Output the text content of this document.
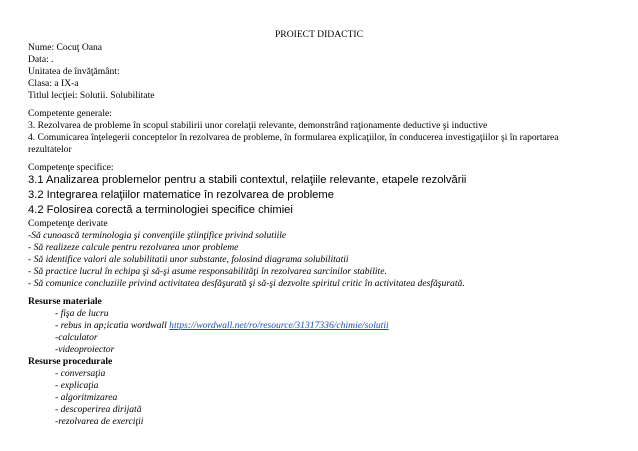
PROIECT DIDACTIC
Nume: Cocuţ Oana
Data: .
Unitatea de învăţământ:
Clasa: a IX-a
Titlul lecţiei: Solutii. Solubilitate
Competente generale:
3. Rezolvarea de probleme în scopul stabilirii unor corelaţii relevante, demonstrând raţionamente deductive şi inductive
4. Comunicarea înţelegerii conceptelor în rezolvarea de probleme, în formularea explicaţiilor, în conducerea investigaţiilor şi în raportarea
rezultatelor
Competenţe specifice:
3.1 Analizarea problemelor pentru a stabili contextul, relaţiile relevante, etapele rezolvării
3.2 Integrarea relaţiilor matematice în rezolvarea de probleme
4.2 Folosirea corectă a terminologiei specifice chimiei
Competenţe derivate
-Să cunoască terminologia şi convenţiile ştiinţifice privind solutiile
- Să realizeze calcule pentru rezolvarea unor probleme
- Să identifice valori ale solubilitatii unor substante, folosind diagrama solubilitatii
- Să practice lucrul în echipa şi să-şi asume responsabilităţi în rezolvarea sarcinilor stabilite.
- Să comunice concluziile privind activitatea desfăşurată şi să-şi dezvolte spiritul critic în activitatea desfăşurată.
Resurse materiale
- fişa de lucru
- rebus in ap;icatia wordwall https://wordwall.net/ro/resource/31317336/chimie/solutii
-calculator
-videoproiector
Resurse procedurale
- conversaţia
- explicaţia
- algoritmizarea
- descoperirea dirijată
-rezolvarea de exerciţii
